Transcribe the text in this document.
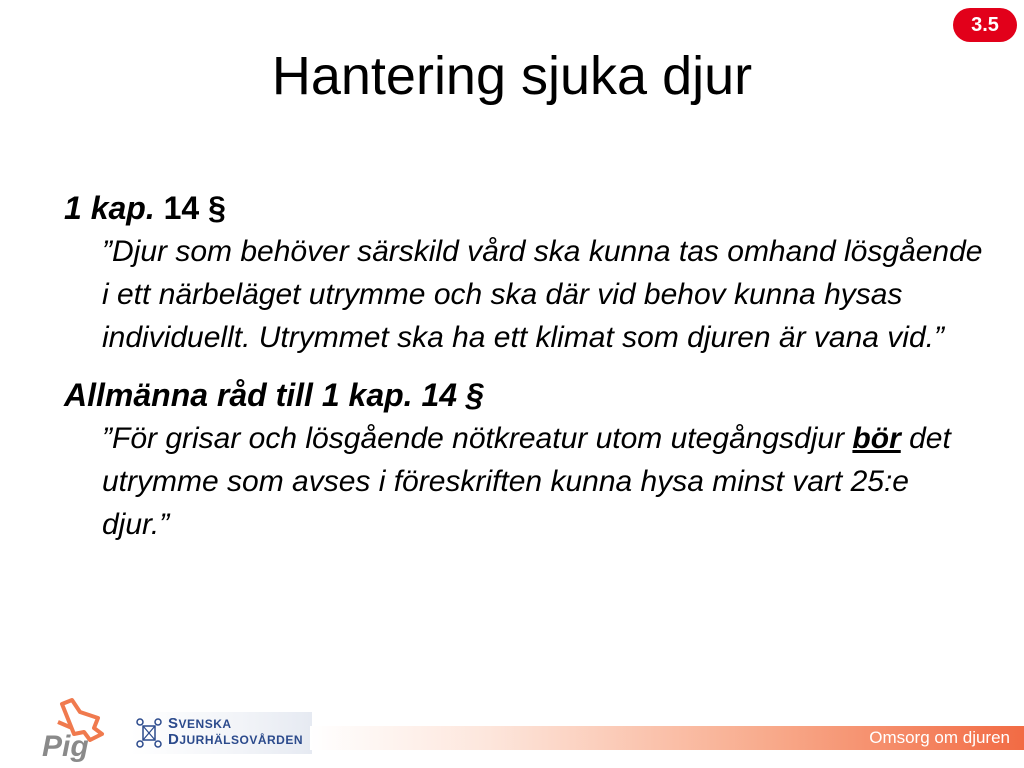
3.5
Hantering sjuka djur

1 kap. 14 §

”Djur som behöver särskild vård ska kunna tas omhand lösgående i ett närbeläget utrymme och ska där vid behov kunna hysas individuellt. Utrymmet ska ha ett klimat som djuren är vana vid.”

Allmänna råd till 1 kap. 14 §

”För grisar och lösgående nötkreatur utom utegångsdjur bör det utrymme som avses i föreskriften kunna hysa minst vart 25:e djur.”

Pig
SVENSKA
DJURHÄLSOVÅRDEN	Omsorg om djuren
